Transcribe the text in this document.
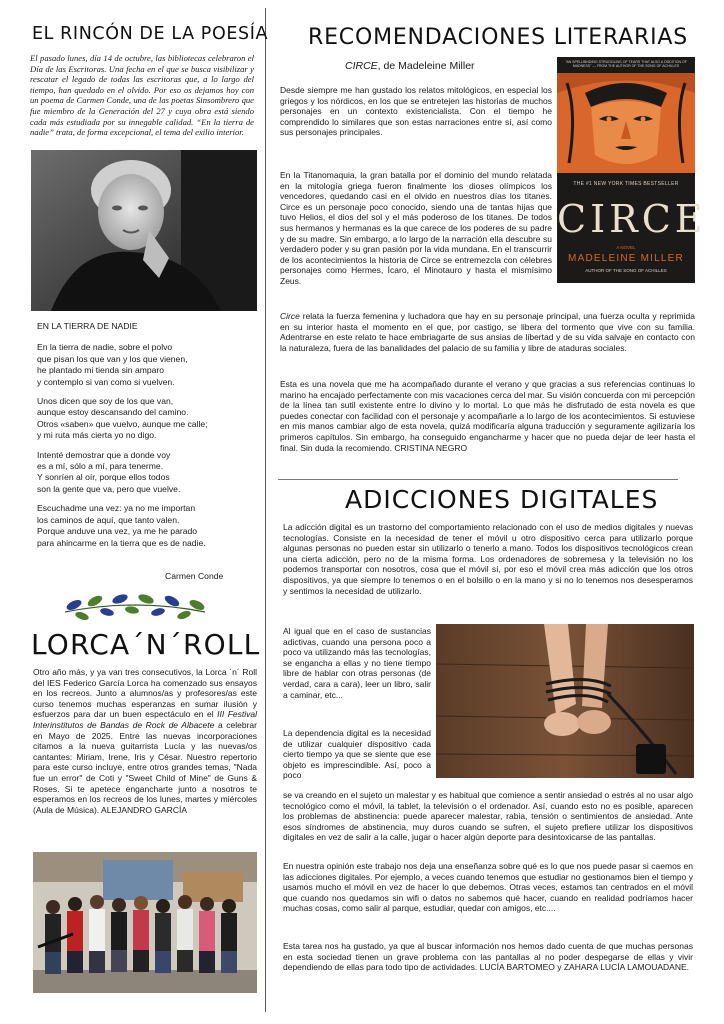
EL RINCÓN DE LA POESÍA
El pasado lunes, día 14 de octubre, las bibliotecas celebraron el Día de las Escritoras. Una fecha en el que se busca visibilizar y rescatar el legado de todas las escritoras que, a lo largo del tiempo, han quedado en el olvido. Por eso os dejamos hoy con un poema de Carmen Conde, una de las poetas Sinsombrero que fue miembro de la Generación del 27 y cuya obra está siendo cada más estudiada por su innegable calidad. “En la tierra de nadie” trata, de forma excepcional, el tema del exilio interior.
EN LA TIERRA DE NADIE
En la tierra de nadie, sobre el polvo
que pisan los que van y los que vienen,
he plantado mi tienda sin amparo
y contemplo si van como si vuelven.
Unos dicen que soy de los que van,
aunque estoy descansando del camino.
Otros «saben» que vuelvo, aunque me calle;
y mi ruta más cierta yo no digo.
Intenté demostrar que a donde voy
es a mí, sólo a mí, para tenerme.
Y sonríen al oír, porque ellos todos
son la gente que va, pero que vuelve.
Escuchadme una vez: ya no me importan
los caminos de aquí, que tanto valen.
Porque anduve una vez, ya me he parado
para ahincarme en la tierra que es de nadie.
Carmen Conde
LORCA´N´ROLL
Otro año más, y ya van tres consecutivos, la Lorca ´n´ Roll del IES Federico García Lorca ha comenzado sus ensayos en los recreos. Junto a alumnos/as y profesores/as este curso tenemos muchas esperanzas en sumar ilusión y esfuerzos para dar un buen espectáculo en el III Festival Interinstitutos de Bandas de Rock de Albacete a celebrar en Mayo de 2025. Entre las nuevas incorporaciones citamos a la nueva guitarrista Lucía y las nuevas/os cantantes: Miriam, Irene, Iris y César. Nuestro repertorio para este curso incluye, entre otros grandes temas, "Nada fue un error" de Coti y "Sweet Child of Mine" de Guns & Roses. Si te apetece engancharte junto a nosotros te esperamos en los recreos de los lunes, martes y miércoles (Aula de Música). ALEJANDRO GARCÍA
RECOMENDACIONES LITERARIAS
CIRCE, de Madeleine Miller
Desde siempre me han gustado los relatos mitológicos, en especial los griegos y los nórdicos, en los que se entretejen las historias de muchos personajes en un contexto existencialista. Con el tiempo he comprendido lo similares que son estas narraciones entre sí, así como sus personajes principales.
En la Titanomaquia, la gran batalla por el dominio del mundo relatada en la mitología griega fueron finalmente los dioses olímpicos los vencedores, quedando casi en el olvido en nuestros días los titanes. Circe es un personaje poco conocido, siendo una de tantas hijas que tuvo Helios, el dios del sol y el más poderoso de los titanes. De todos sus hermanos y hermanas es la que carece de los poderes de su padre y de su madre. Sin embargo, a lo largo de la narración ella descubre su verdadero poder y su gran pasión por la vida mundana. En el transcurrir de los acontecimientos la historia de Circe se entremezcla con célebres personajes como Hermes, Ícaro, el Minotauro y hasta el mismísimo Zeus.
"AN SPELLBINDING STRUGGLING OF TEARS THAT ALSO A ODDITION OF MADNESS" — FROM THE AUTHOR OF THE SONG OF ACHILLES
THE #1 NEW YORK TIMES BESTSELLER
CIRCE
A NOVEL
MADELEINE MILLER
AUTHOR OF THE SONG OF ACHILLES
Circe relata la fuerza femenina y luchadora que hay en su personaje principal, una fuerza oculta y reprimida en su interior hasta el momento en el que, por castigo, se libera del tormento que vive con su familia. Adentrarse en este relato te hace embriagarte de sus ansias de libertad y de su vida salvaje en contacto con la naturaleza, fuera de las banalidades del palacio de su familia y libre de ataduras sociales.
Esta es una novela que me ha acompañado durante el verano y que gracias a sus referencias continuas lo marino ha encajado perfectamente con mis vacaciones cerca del mar. Su visión concuerda con mi percepción de la línea tan sutil existente entre lo divino y lo mortal. Lo que más he disfrutado de esta novela es que puedes conectar con facilidad con el personaje y acompañarle a lo largo de los acontecimientos. Si estuviese en mis manos cambiar algo de esta novela, quizá modificaría alguna traducción y seguramente agilizaría los primeros capítulos. Sin embargo, ha conseguido engancharme y hacer que no pueda dejar de leer hasta el final. Sin duda la recomiendo. CRISTINA NEGRO
ADICCIONES DIGITALES
La adicción digital es un trastorno del comportamiento relacionado con el uso de medios digitales y nuevas tecnologías. Consiste en la necesidad de tener el móvil u otro dispositivo cerca para utilizarlo porque algunas personas no pueden estar sin utilizarlo o tenerlo a mano. Todos los dispositivos tecnológicos crean una cierta adicción, pero no de la misma forma. Los ordenadores de sobremesa y la televisión no los podemos transportar con nosotros, cosa que el móvil sí, por eso el móvil crea más adicción que los otros dispositivos, ya que siempre lo tenemos o en el bolsillo o en la mano y si no lo tenemos nos desesperamos y sentimos la necesidad de utilizarlo.
Al igual que en el caso de sustancias adictivas, cuando una persona poco a poco va utilizando más las tecnologías, se engancha a ellas y no tiene tiempo libre de hablar con otras personas (de verdad, cara a cara), leer un libro, salir a caminar, etc...
La dependencia digital es la necesidad de utilizar cualquier dispositivo cada cierto tiempo ya que se siente que ese objeto es imprescindible. Así, poco a poco
se va creando en el sujeto un malestar y es habitual que comience a sentir ansiedad o estrés al no usar algo tecnológico como el móvil, la tablet, la televisión o el ordenador. Así, cuando esto no es posible, aparecen los problemas de abstinencia: puede aparecer malestar, rabia, tensión o sentimientos de ansiedad. Ante esos síndromes de abstinencia, muy duros cuando se sufren, el sujeto prefiere utilizar los dispositivos digitales en vez de salir a la calle, jugar o hacer algún deporte para desintoxicarse de las pantallas.
En nuestra opinión este trabajo nos deja una enseñanza sobre qué es lo que nos puede pasar si caemos en las adicciones digitales. Por ejemplo, a veces cuando tenemos que estudiar no gestionamos bien el tiempo y usamos mucho el móvil en vez de hacer lo que debemos. Otras veces, estamos tan centrados en el móvil que cuando nos quedamos sin wifi o datos no sabemos qué hacer, cuando en realidad podríamos hacer muchas cosas, como salir al parque, estudiar, quedar con amigos, etc....
Esta tarea nos ha gustado, ya que al buscar información nos hemos dado cuenta de que muchas personas en esta sociedad tienen un grave problema con las pantallas al no poder despegarse de ellas y vivir dependiendo de ellas para todo tipo de actividades. LUCÍA BARTOMEO y ZAHARA LUCÍA LAMOUADANE.
